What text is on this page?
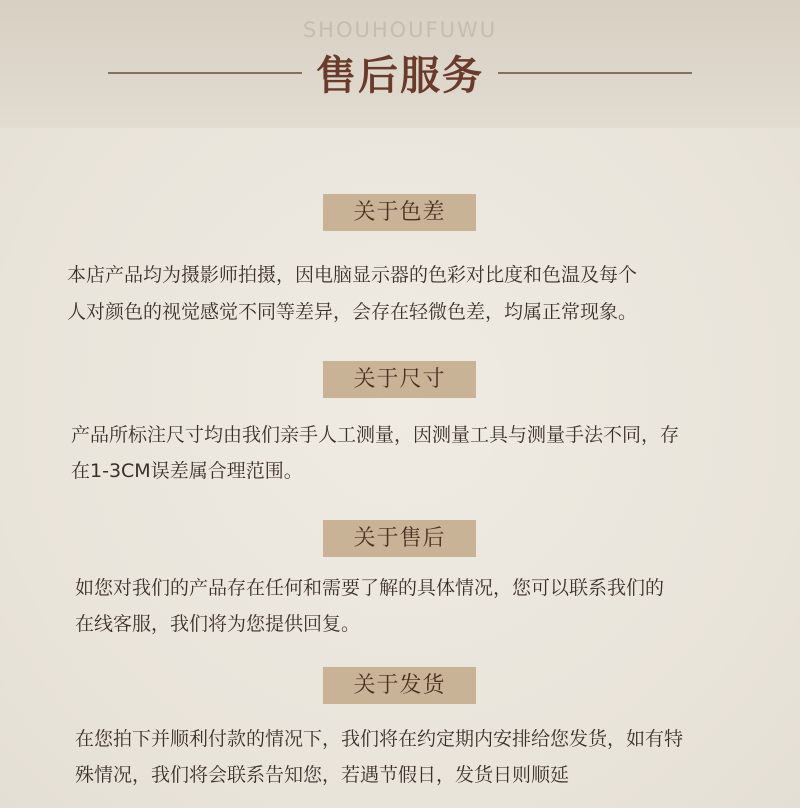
SHOUHOUFUWU
售后服务
关于色差
本店产品均为摄影师拍摄，因电脑显示器的色彩对比度和色温及每个
人对颜色的视觉感觉不同等差异，会存在轻微色差，均属正常现象。
关于尺寸
产品所标注尺寸均由我们亲手人工测量，因测量工具与测量手法不同，存
在1-3CM误差属合理范围。
关于售后
如您对我们的产品存在任何和需要了解的具体情况，您可以联系我们的
在线客服，我们将为您提供回复。
关于发货
在您拍下并顺利付款的情况下，我们将在约定期内安排给您发货，如有特
殊情况，我们将会联系告知您，若遇节假日，发货日则顺延
